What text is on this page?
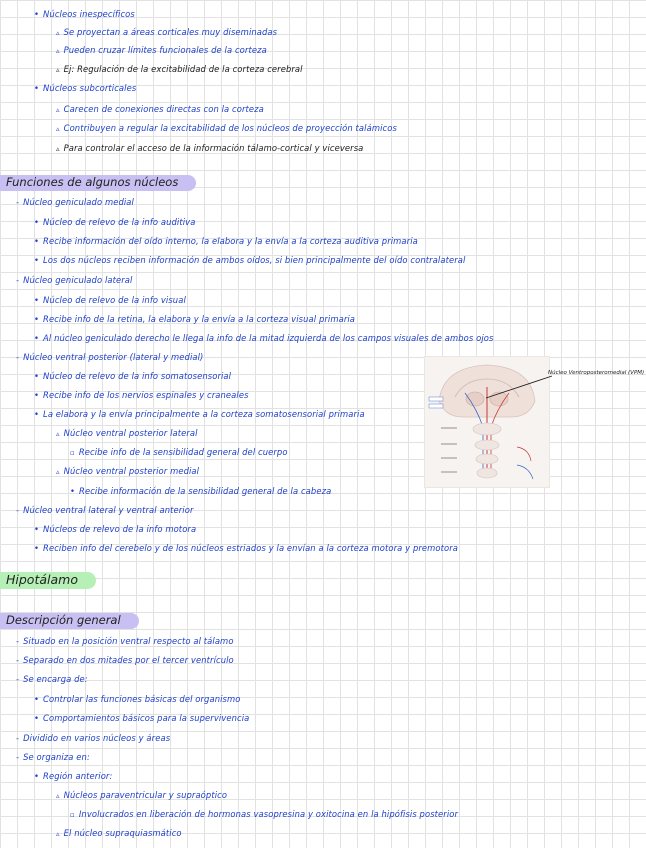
• Núcleos inespecíficos
▵ Se proyectan a áreas corticales muy diseminadas
▵ Pueden cruzar límites funcionales de la corteza
▵ Ej: Regulación de la excitabilidad de la corteza cerebral
• Núcleos subcorticales
▵ Carecen de conexiones directas con la corteza
▵ Contribuyen a regular la excitabilidad de los núcleos de proyección talámicos
▵ Para controlar el acceso de la información tálamo-cortical y viceversa
Funciones de algunos núcleos
- Núcleo geniculado medial
• Núcleo de relevo de la info auditiva
• Recibe información del oído interno, la elabora y la envía a la corteza auditiva primaria
• Los dos núcleos reciben información de ambos oídos, si bien principalmente del oído contralateral
- Núcleo geniculado lateral
• Núcleo de relevo de la info visual
• Recibe info de la retina, la elabora y la envía a la corteza visual primaria
• Al núcleo geniculado derecho le llega la info de la mitad izquierda de los campos visuales de ambos ojos
- Núcleo ventral posterior (lateral y medial)
• Núcleo de relevo de la info somatosensorial
• Recibe info de los nervios espinales y craneales
• La elabora y la envía principalmente a la corteza somatosensorial primaria
▵ Núcleo ventral posterior lateral
▫ Recibe info de la sensibilidad general del cuerpo
▵ Núcleo ventral posterior medial
• Recibe información de la sensibilidad general de la cabeza
- Núcleo ventral lateral y ventral anterior
• Núcleos de relevo de la info motora
• Reciben info del cerebelo y de los núcleos estriados y la envían a la corteza motora y premotora
Núcleo Ventroposteromedial (VPM)
Hipotálamo
Descripción general
- Situado en la posición ventral respecto al tálamo
- Separado en dos mitades por el tercer ventrículo
- Se encarga de:
• Controlar las funciones básicas del organismo
• Comportamientos básicos para la supervivencia
- Dividido en varios núcleos y áreas
- Se organiza en:
• Región anterior:
▵ Núcleos paraventricular y supraóptico
▫ Involucrados en liberación de hormonas vasopresina y oxitocina en la hipófisis posterior
▵ El núcleo supraquiasmático
